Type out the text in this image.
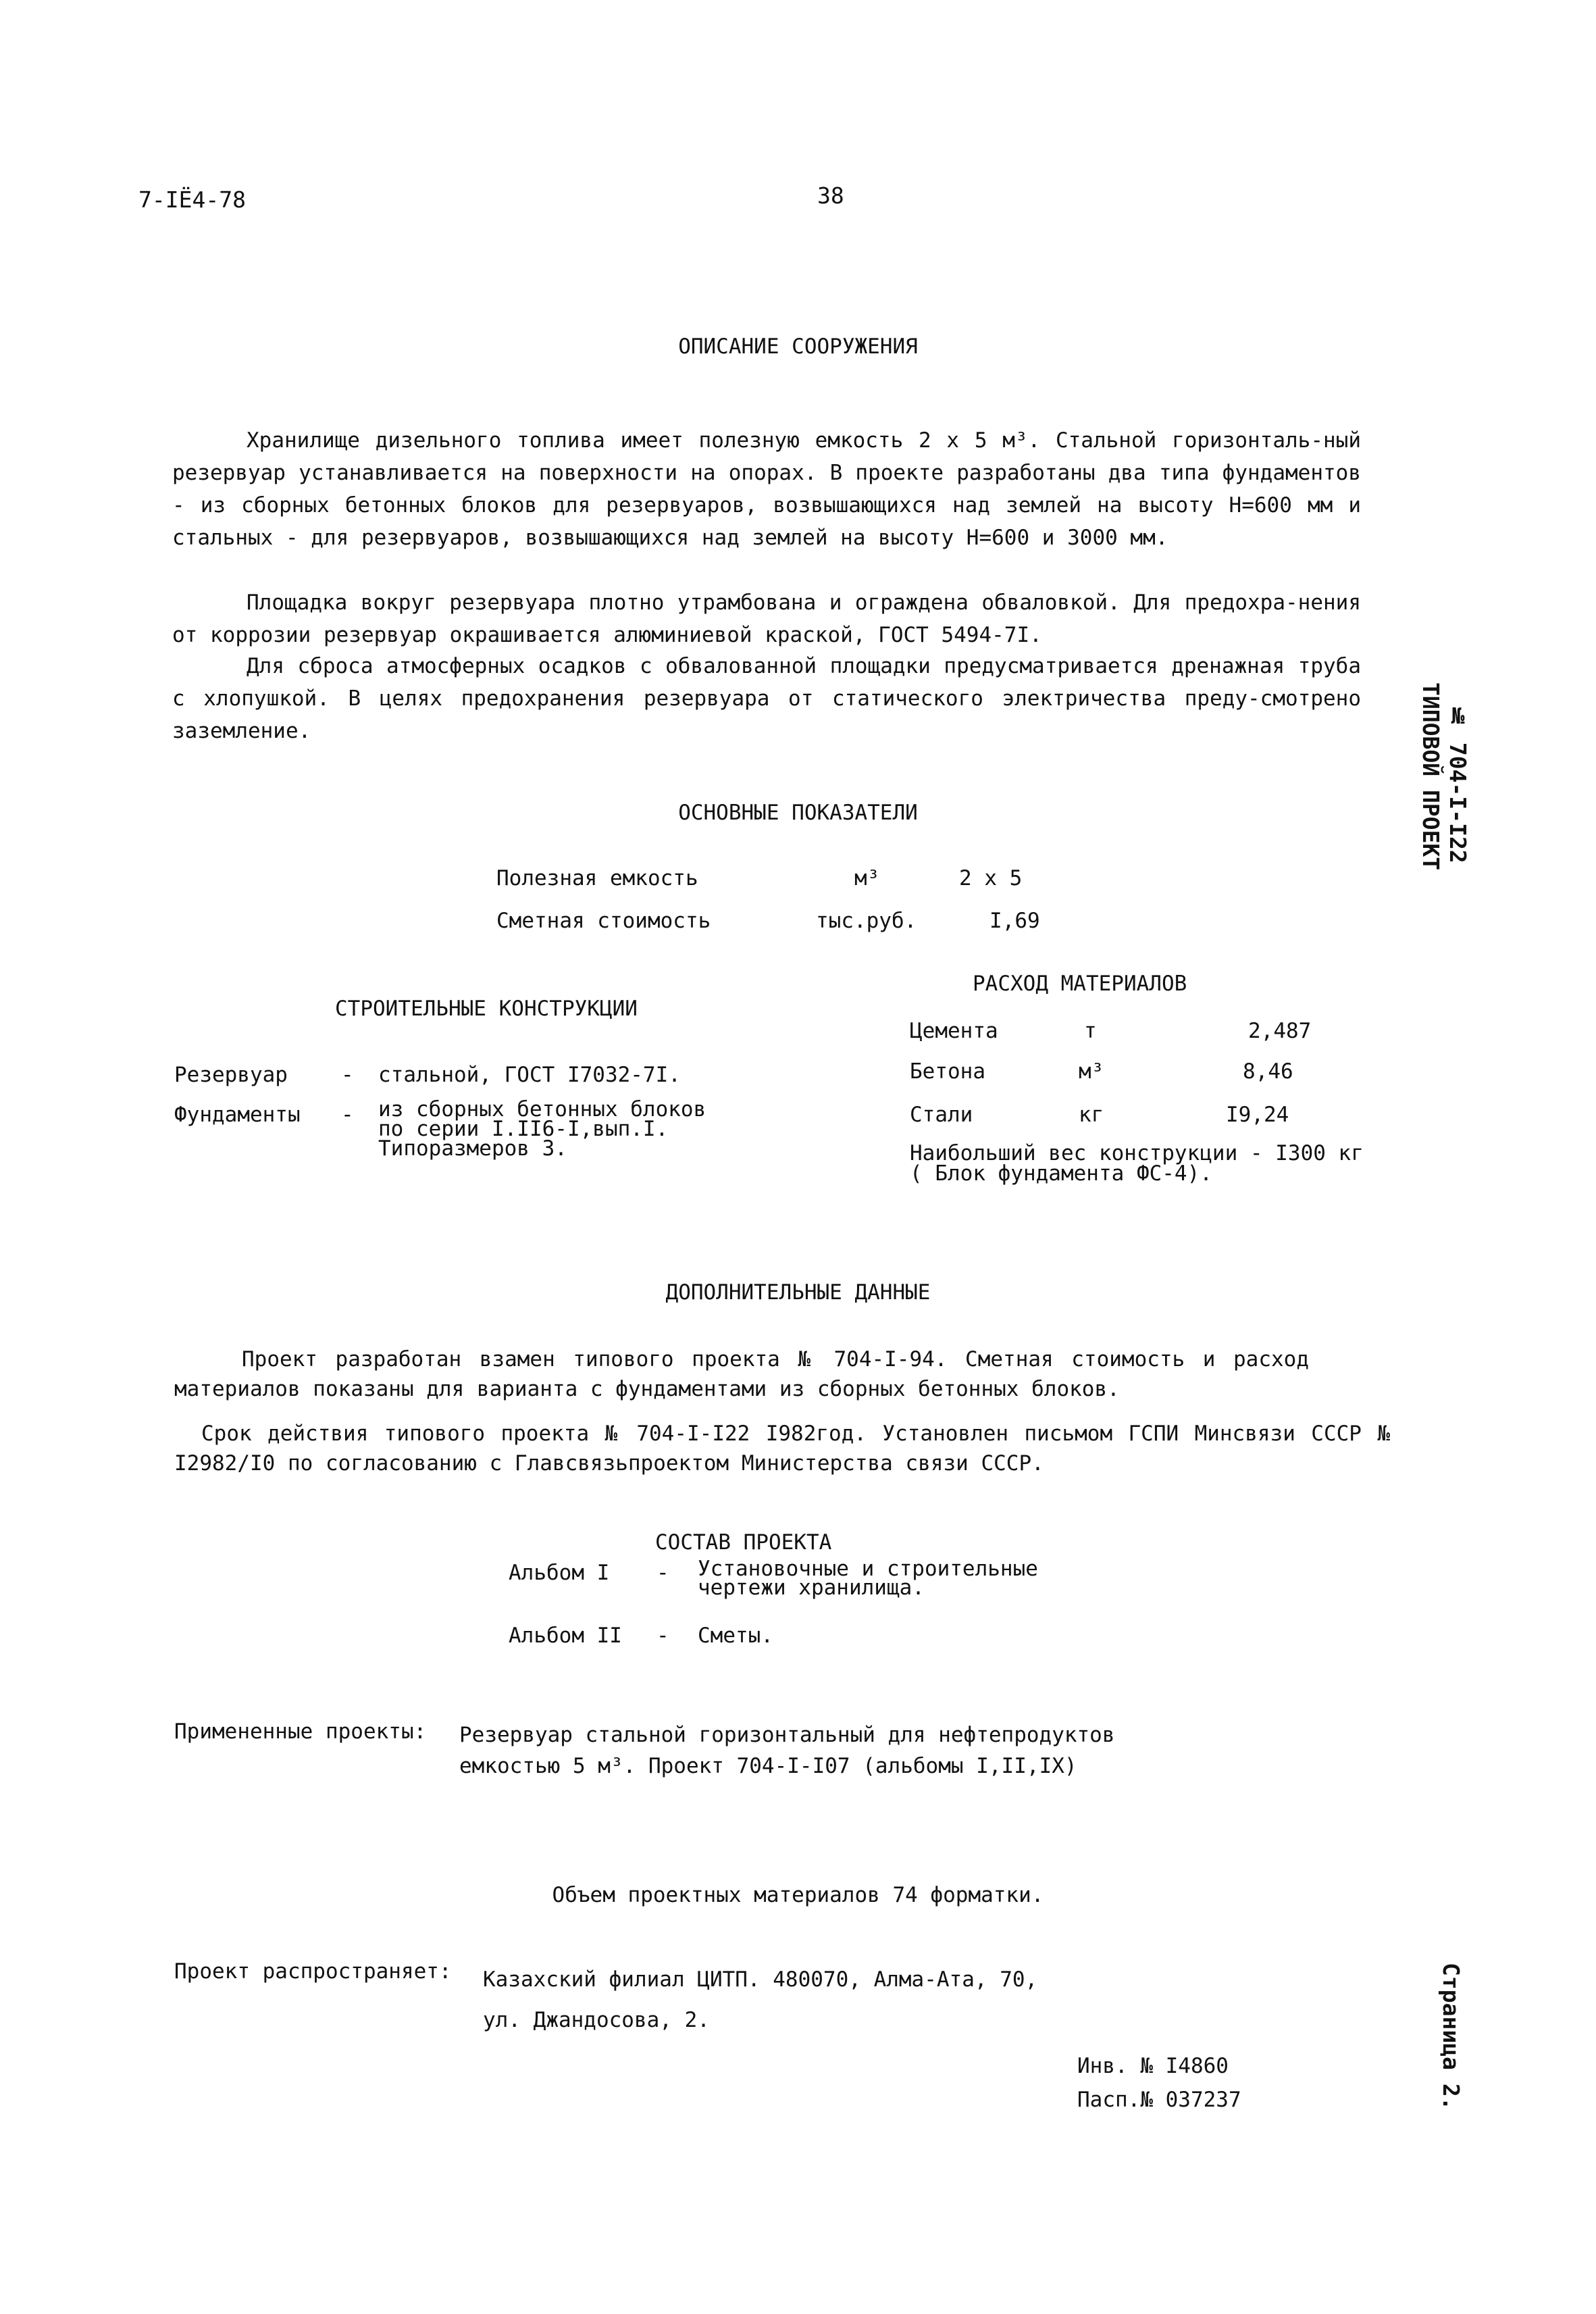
7-IЁ4-78	38
ТИПОВОЙ ПРОЕКТ № 704-I-I22
Страница 2.
ОПИСАНИЕ СООРУЖЕНИЯ
Хранилище дизельного топлива имеет полезную емкость 2 x 5 м³. Стальной горизонталь-ный резервуар устанавливается на поверхности на опорах. В проекте разработаны два типа фундаментов - из сборных бетонных блоков для резервуаров, возвышающихся над землей на высоту H=600 мм и стальных - для резервуаров, возвышающихся над землей на высоту H=600 и 3000 мм.
Площадка вокруг резервуара плотно утрамбована и ограждена обваловкой. Для предохра-нения от коррозии резервуар окрашивается алюминиевой краской, ГОСТ 5494-7I.
Для сброса атмосферных осадков с обвалованной площадки предусматривается дренажная труба с хлопушкой. В целях предохранения резервуара от статического электричества преду-смотрено заземление.
ОСНОВНЫЕ ПОКАЗАТЕЛИ
Полезная емкость	м³	2 x 5
Сметная стоимость	тыс.руб.	I,69
СТРОИТЕЛЬНЫЕ КОНСТРУКЦИИ
Резервуар	- стальной, ГОСТ I7032-7I.
Фундаменты - из сборных бетонных блоков
по серии I.II6-I,вып.I.
Типоразмеров 3.
РАСХОД МАТЕРИАЛОВ
Цемента	т	2,487
Бетона	м³	8,46
Стали	кг	I9,24
Наибольший вес конструкции - I300 кг
( Блок фундамента ФС-4).
ДОПОЛНИТЕЛЬНЫЕ ДАННЫЕ
Проект разработан взамен типового проекта № 704-I-94. Сметная стоимость и расход материалов показаны для варианта с фундаментами из сборных бетонных блоков.
Срок действия типового проекта № 704-I-I22 I982год. Установлен письмом ГСПИ Минсвязи СССР № I2982/I0 по согласованию с Главсвязьпроектом Министерства связи СССР.
СОСТАВ ПРОЕКТА
Альбом I - Установочные и строительные
чертежи хранилища.
Альбом II - Сметы.
Примененные проекты: Резервуар стальной горизонтальный для нефтепродуктов
емкостью 5 м³. Проект 704-I-I07 (альбомы I,II,IX)
Объем проектных материалов 74 форматки.
Проект распространяет: Казахский филиал ЦИТП. 480070, Алма-Ата, 70,
ул. Джандосова, 2.
Инв. № I4860
Пасп.№ 037237
